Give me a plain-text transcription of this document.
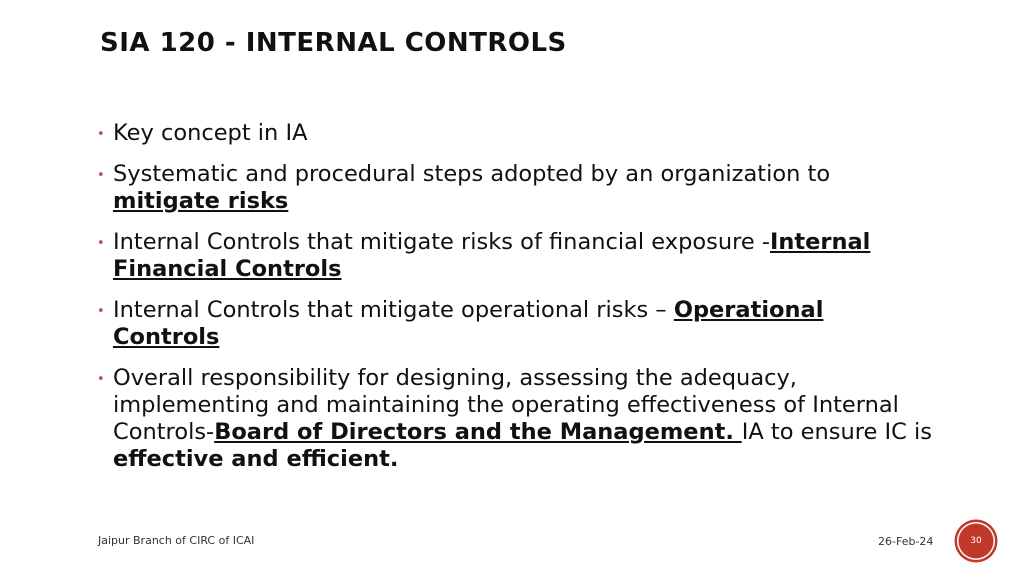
SIA 120 - INTERNAL CONTROLS
• Key concept in IA
• Systematic and procedural steps adopted by an organization to mitigate risks
• Internal Controls that mitigate risks of financial exposure -Internal Financial Controls
• Internal Controls that mitigate operational risks – Operational Controls
• Overall responsibility for designing, assessing the adequacy, implementing and maintaining the operating effectiveness of Internal Controls-Board of Directors and the Management. IA to ensure IC is effective and efficient.
Jaipur Branch of CIRC of ICAI	26-Feb-24	30
